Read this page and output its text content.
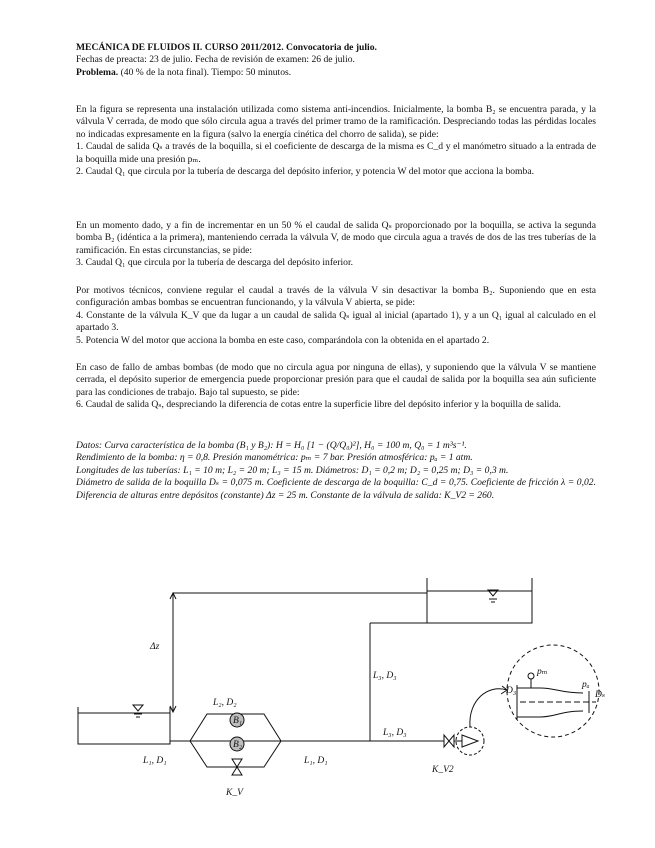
MECÁNICA DE FLUIDOS II. CURSO 2011/2012. Convocatoria de julio.

Fechas de preacta: 23 de julio. Fecha de revisión de examen: 26 de julio.

Problema. (40 % de la nota final). Tiempo: 50 minutos.

En la figura se representa una instalación utilizada como sistema anti-incendios. Inicialmente, la bomba B₂ se encuentra parada, y la válvula V cerrada, de modo que sólo circula agua a través del primer tramo de la ramificación. Despreciando todas las pérdidas locales no indicadas expresamente en la figura (salvo la energía cinética del chorro de salida), se pide:

1. Caudal de salida Qₛ a través de la boquilla, si el coeficiente de descarga de la misma es C_d y el manómetro situado a la entrada de la boquilla mide una presión pₘ.

2. Caudal Q₁ que circula por la tubería de descarga del depósito inferior, y potencia W del motor que acciona la bomba.

En un momento dado, y a fin de incrementar en un 50 % el caudal de salida Qₛ proporcionado por la boquilla, se activa la segunda bomba B₂ (idéntica a la primera), manteniendo cerrada la válvula V, de modo que circula agua a través de dos de las tres tuberías de la ramificación. En estas circunstancias, se pide:

3. Caudal Q₁ que circula por la tubería de descarga del depósito inferior.

Por motivos técnicos, conviene regular el caudal a través de la válvula V sin desactivar la bomba B₂. Suponiendo que en esta configuración ambas bombas se encuentran funcionando, y la válvula V abierta, se pide:

4. Constante de la válvula K_V que da lugar a un caudal de salida Qₛ igual al inicial (apartado 1), y a un Q₁ igual al calculado en el apartado 3.

5. Potencia W del motor que acciona la bomba en este caso, comparándola con la obtenida en el apartado 2.

En caso de fallo de ambas bombas (de modo que no circula agua por ninguna de ellas), y suponiendo que la válvula V se mantiene cerrada, el depósito superior de emergencia puede proporcionar presión para que el caudal de salida por la boquilla sea aún suficiente para las condiciones de trabajo. Bajo tal supuesto, se pide:

6. Caudal de salida Qₛ, despreciando la diferencia de cotas entre la superficie libre del depósito inferior y la boquilla de salida.

Datos: Curva característica de la bomba (B₁ y B₂): H = H₀ [1 − (Q/Q₀)²], H₀ = 100 m, Q₀ = 1 m³s⁻¹.

Rendimiento de la bomba: η = 0,8. Presión manométrica: pₘ = 7 bar. Presión atmosférica: pₐ = 1 atm.

Longitudes de las tuberías: L₁ = 10 m; L₂ = 20 m; L₃ = 15 m. Diámetros: D₁ = 0,2 m; D₂ = 0,25 m; D₃ = 0,3 m.

Diámetro de salida de la boquilla Dₛ = 0,075 m. Coeficiente de descarga de la boquilla: C_d = 0,75. Coeficiente de fricción λ = 0,02. Diferencia de alturas entre depósitos (constante) Δz = 25 m. Constante de la válvula de salida: K_V2 = 260.

Δz
L₂, D₂
B₁
B₂
L₁, D₁	L₁, D₁
K_V
L₃, D₃
L₃, D₃
K_V2
pₘ
pₐ
D₃	Dₛ
